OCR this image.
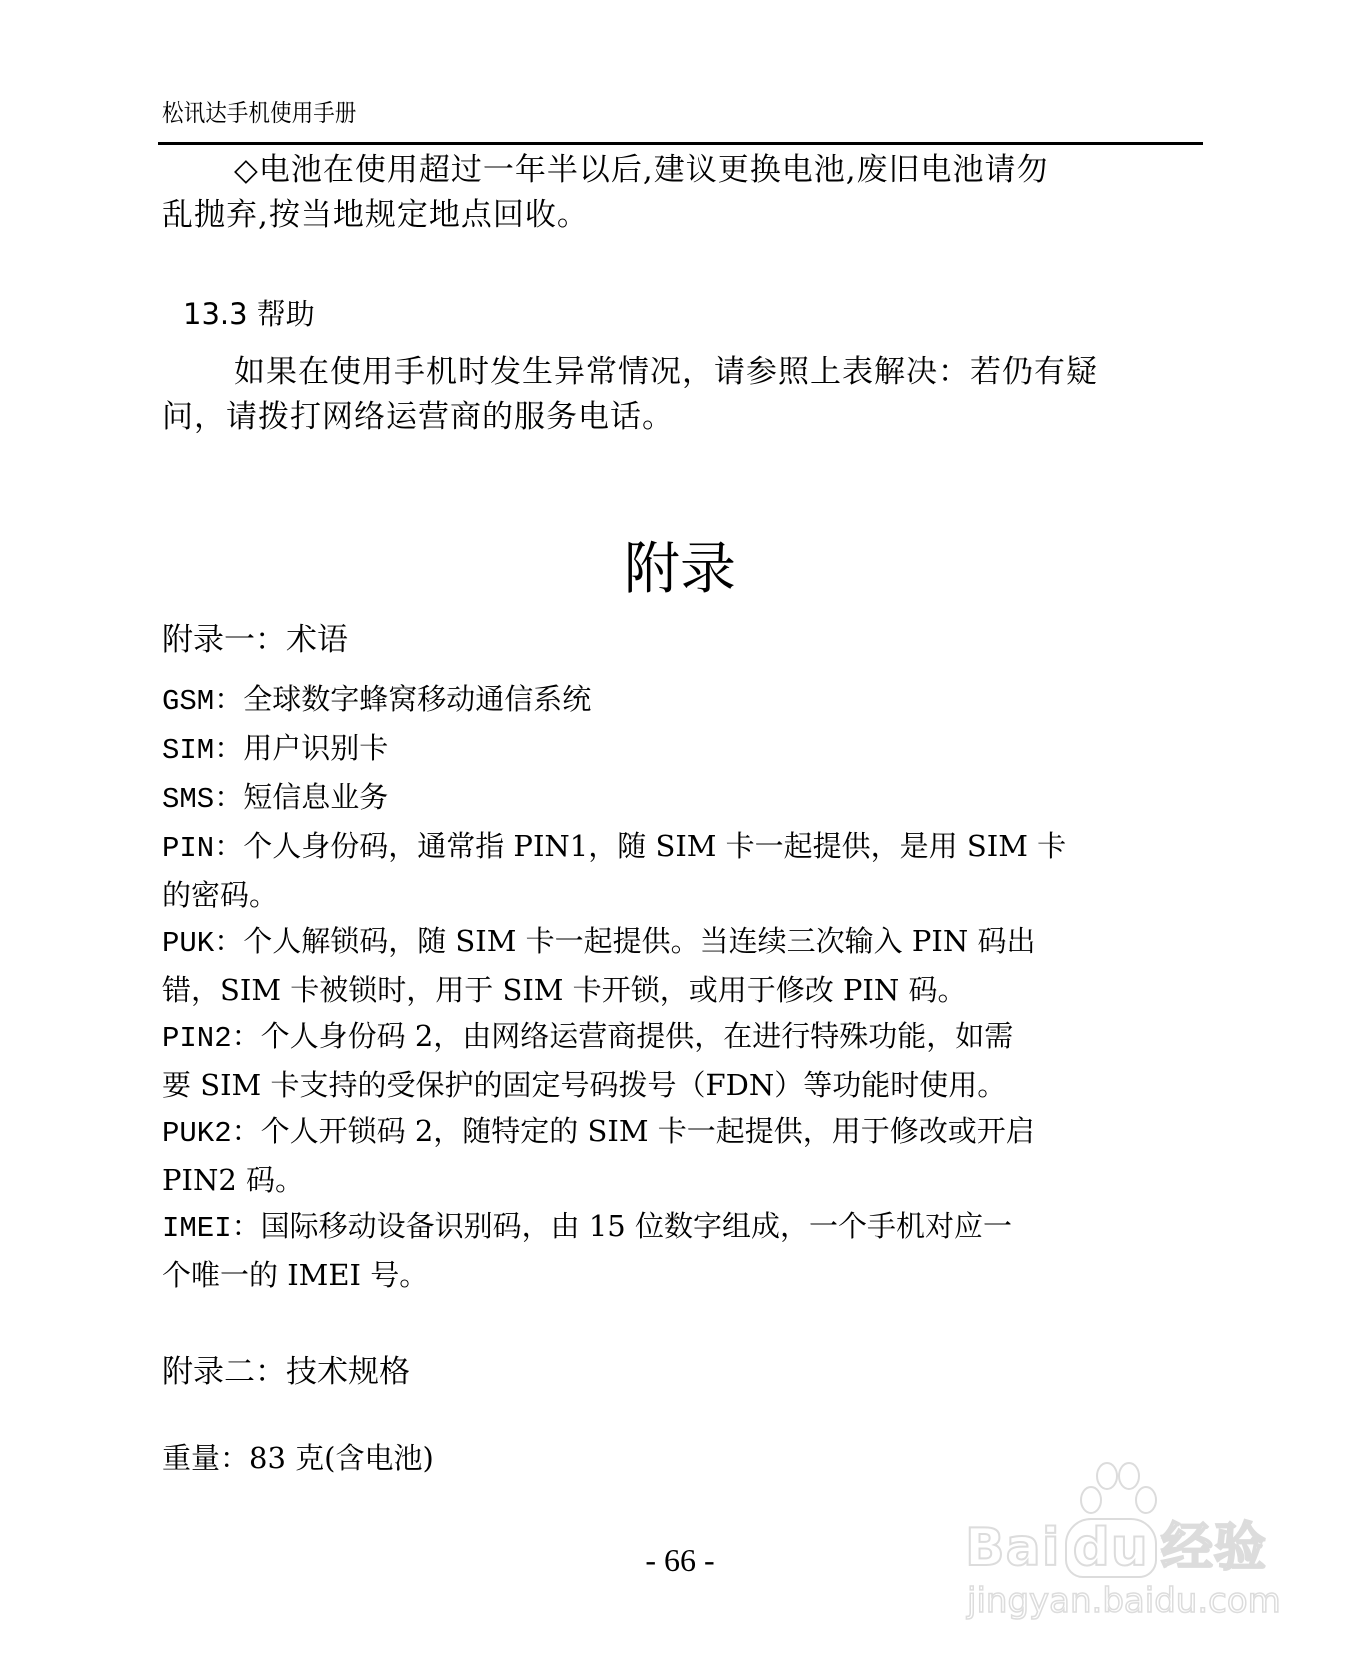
松讯达手机使用手册

◇电池在使用超过一年半以后,建议更换电池,废旧电池请勿
乱抛弃,按当地规定地点回收。

13.3 帮助

如果在使用手机时发生异常情况，请参照上表解决：若仍有疑
问，请拨打网络运营商的服务电话。

附录
附录一：术语
GSM：全球数字蜂窝移动通信系统
SIM：用户识别卡
SMS：短信息业务
PIN：个人身份码，通常指 PIN1，随 SIM 卡一起提供，是用 SIM 卡
的密码。
PUK：个人解锁码，随 SIM 卡一起提供。当连续三次输入 PIN 码出
错，SIM 卡被锁时，用于 SIM 卡开锁，或用于修改 PIN 码。
PIN2：个人身份码 2，由网络运营商提供，在进行特殊功能，如需
要 SIM 卡支持的受保护的固定号码拨号（FDN）等功能时使用。
PUK2：个人开锁码 2，随特定的 SIM 卡一起提供，用于修改或开启
PIN2 码。
IMEI：国际移动设备识别码，由 15 位数字组成，一个手机对应一
个唯一的 IMEI 号。
附录二：技术规格

重量：83 克(含电池)

- 66 -	Bai du 经验
jingyan.baidu.com
